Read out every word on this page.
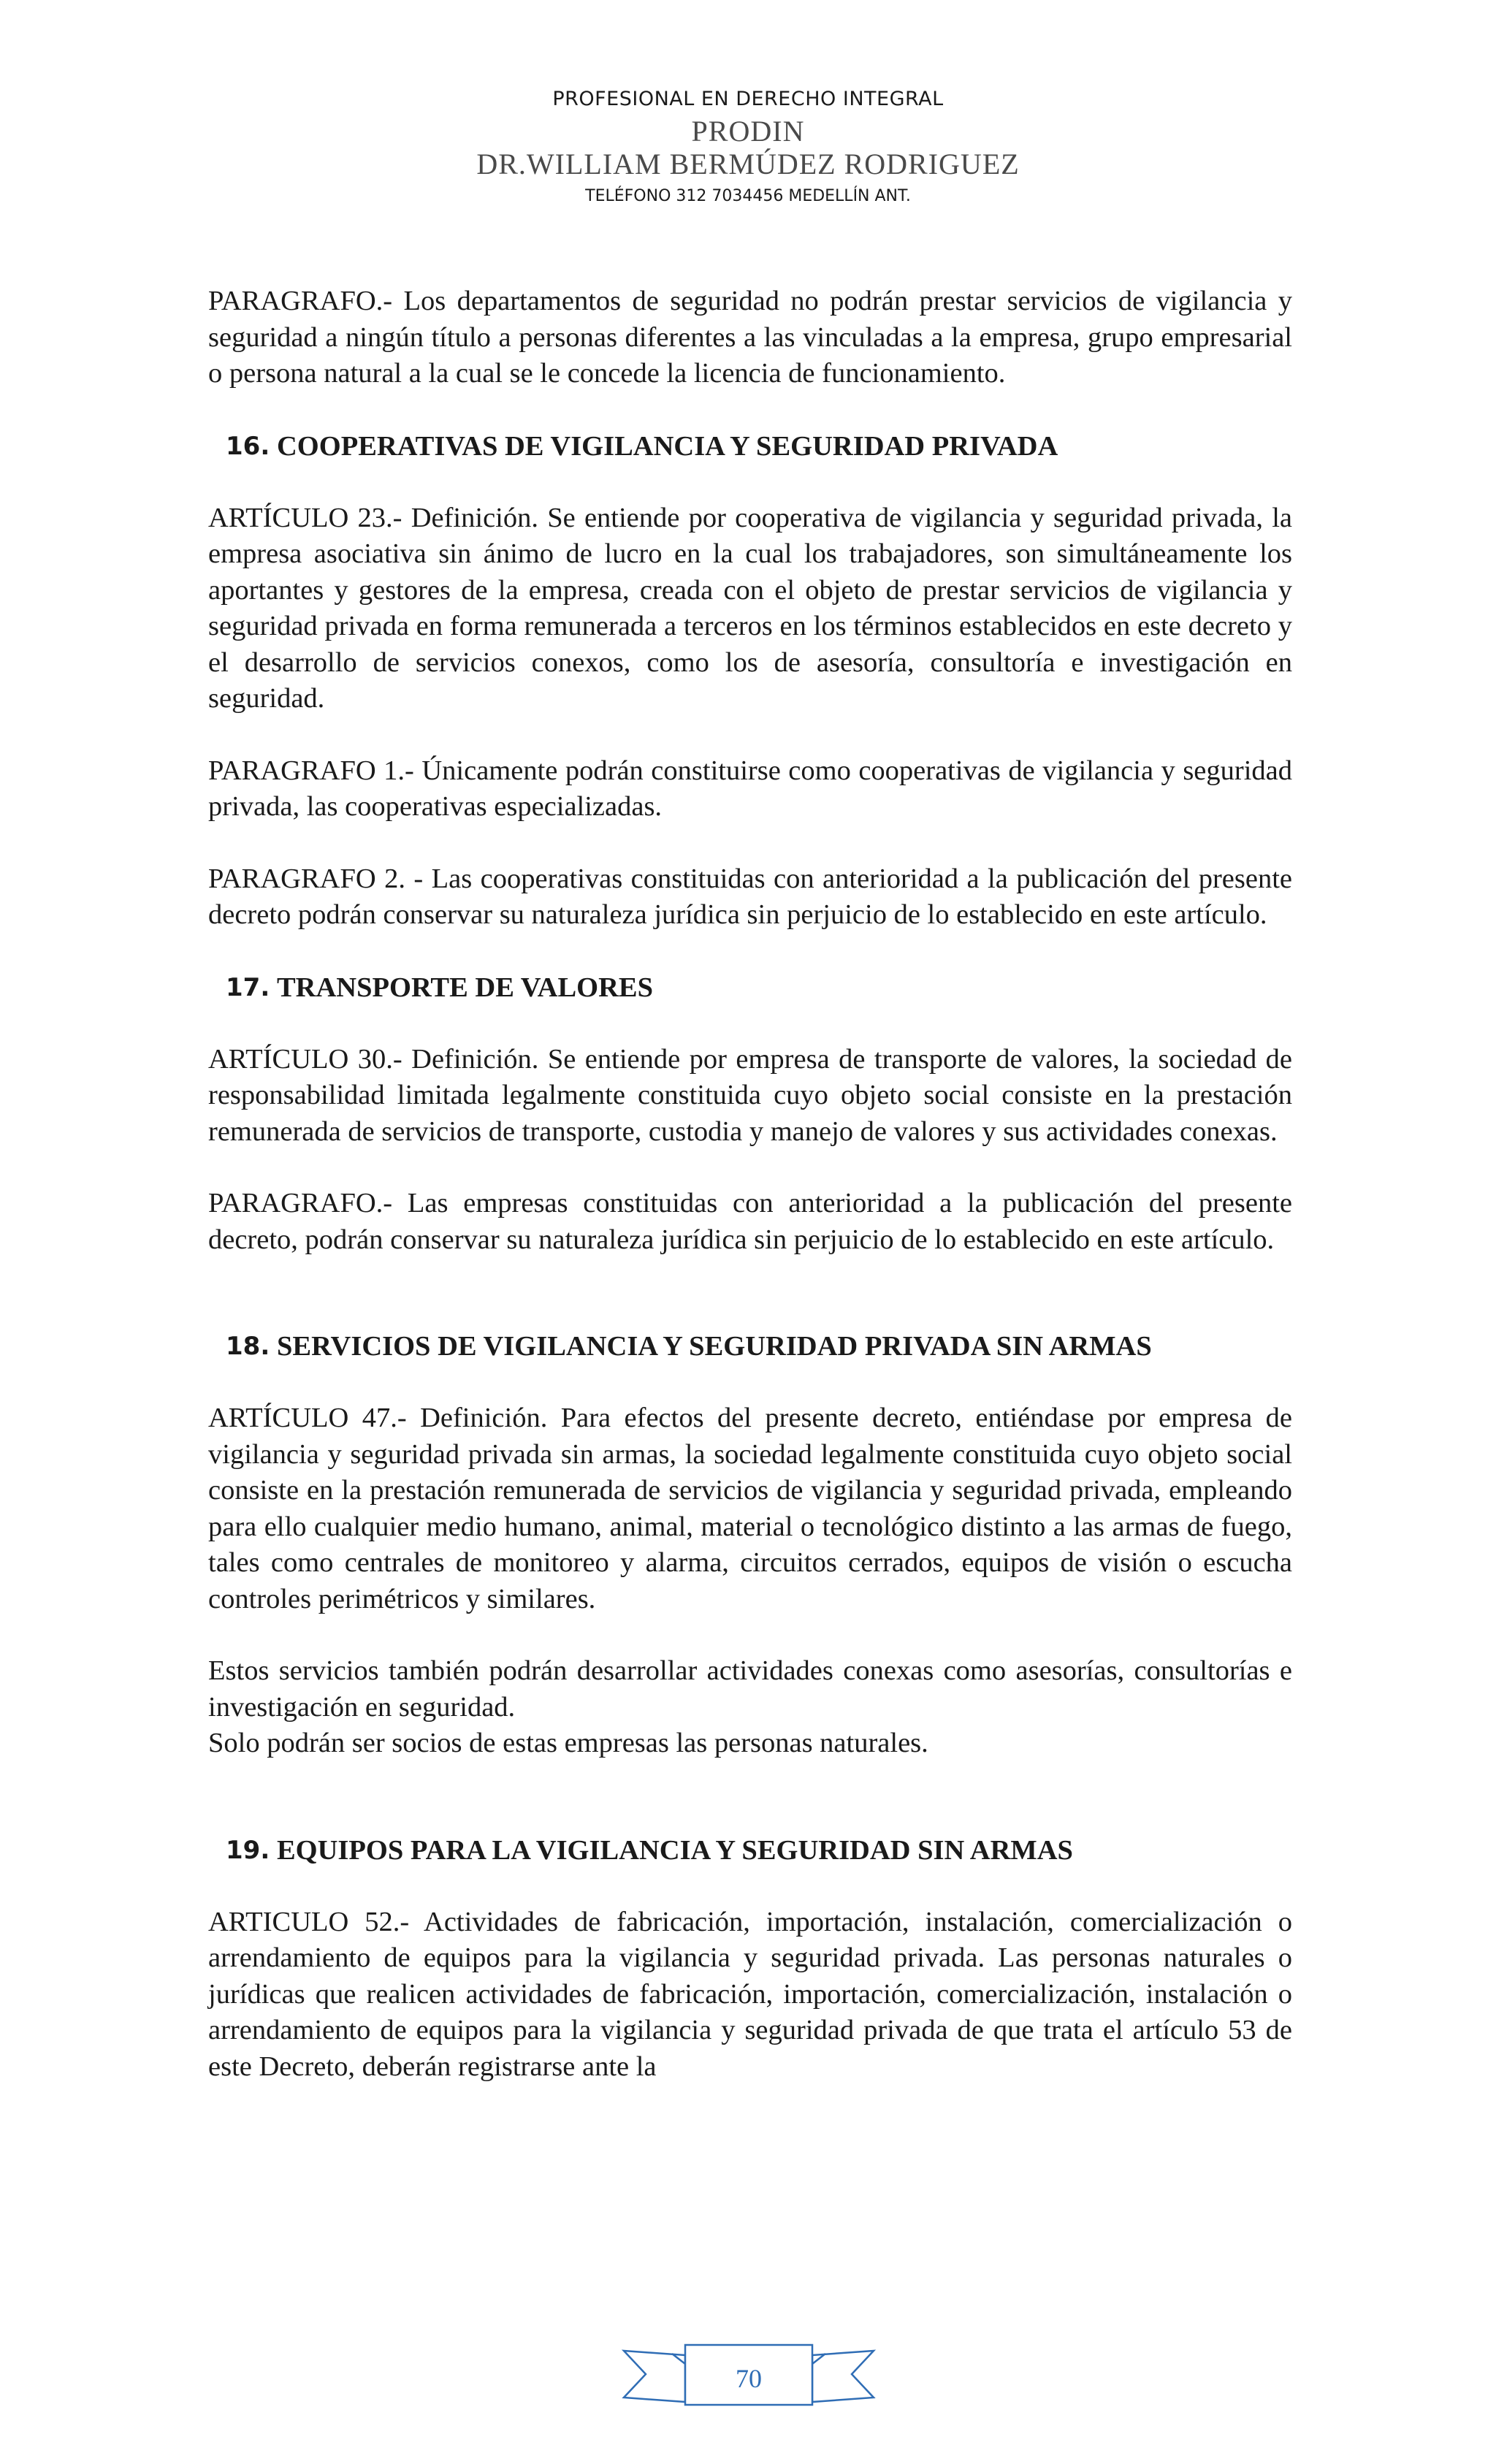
PROFESIONAL EN DERECHO INTEGRAL
PRODIN
DR.WILLIAM BERMÚDEZ RODRIGUEZ
TELÉFONO 312 7034456 MEDELLÍN ANT.

PARAGRAFO.- Los departamentos de seguridad no podrán prestar servicios de vigilancia y seguridad a ningún título a personas diferentes a las vinculadas a la empresa, grupo empresarial o persona natural a la cual se le concede la licencia de funcionamiento.

16. COOPERATIVAS DE VIGILANCIA Y SEGURIDAD PRIVADA

ARTÍCULO 23.- Definición. Se entiende por cooperativa de vigilancia y seguridad privada, la empresa asociativa sin ánimo de lucro en la cual los trabajadores, son simultáneamente los aportantes y gestores de la empresa, creada con el objeto de prestar servicios de vigilancia y seguridad privada en forma remunerada a terceros en los términos establecidos en este decreto y el desarrollo de servicios conexos, como los de asesoría, consultoría e investigación en seguridad.

PARAGRAFO 1.- Únicamente podrán constituirse como cooperativas de vigilancia y seguridad privada, las cooperativas especializadas.

PARAGRAFO 2. - Las cooperativas constituidas con anterioridad a la publicación del presente decreto podrán conservar su naturaleza jurídica sin perjuicio de lo establecido en este artículo.

17. TRANSPORTE DE VALORES

ARTÍCULO 30.- Definición. Se entiende por empresa de transporte de valores, la sociedad de responsabilidad limitada legalmente constituida cuyo objeto social consiste en la prestación remunerada de servicios de transporte, custodia y manejo de valores y sus actividades conexas.

PARAGRAFO.- Las empresas constituidas con anterioridad a la publicación del presente decreto, podrán conservar su naturaleza jurídica sin perjuicio de lo establecido en este artículo.

18. SERVICIOS DE VIGILANCIA Y SEGURIDAD PRIVADA SIN ARMAS

ARTÍCULO 47.- Definición. Para efectos del presente decreto, entiéndase por empresa de vigilancia y seguridad privada sin armas, la sociedad legalmente constituida cuyo objeto social consiste en la prestación remunerada de servicios de vigilancia y seguridad privada, empleando para ello cualquier medio humano, animal, material o tecnológico distinto a las armas de fuego, tales como centrales de monitoreo y alarma, circuitos cerrados, equipos de visión o escucha controles perimétricos y similares.

Estos servicios también podrán desarrollar actividades conexas como asesorías, consultorías e investigación en seguridad.

Solo podrán ser socios de estas empresas las personas naturales.

19. EQUIPOS PARA LA VIGILANCIA Y SEGURIDAD SIN ARMAS

ARTICULO 52.- Actividades de fabricación, importación, instalación, comercialización o arrendamiento de equipos para la vigilancia y seguridad privada. Las personas naturales o jurídicas que realicen actividades de fabricación, importación, comercialización, instalación o arrendamiento de equipos para la vigilancia y seguridad privada de que trata el artículo 53 de este Decreto, deberán registrarse ante la

70
